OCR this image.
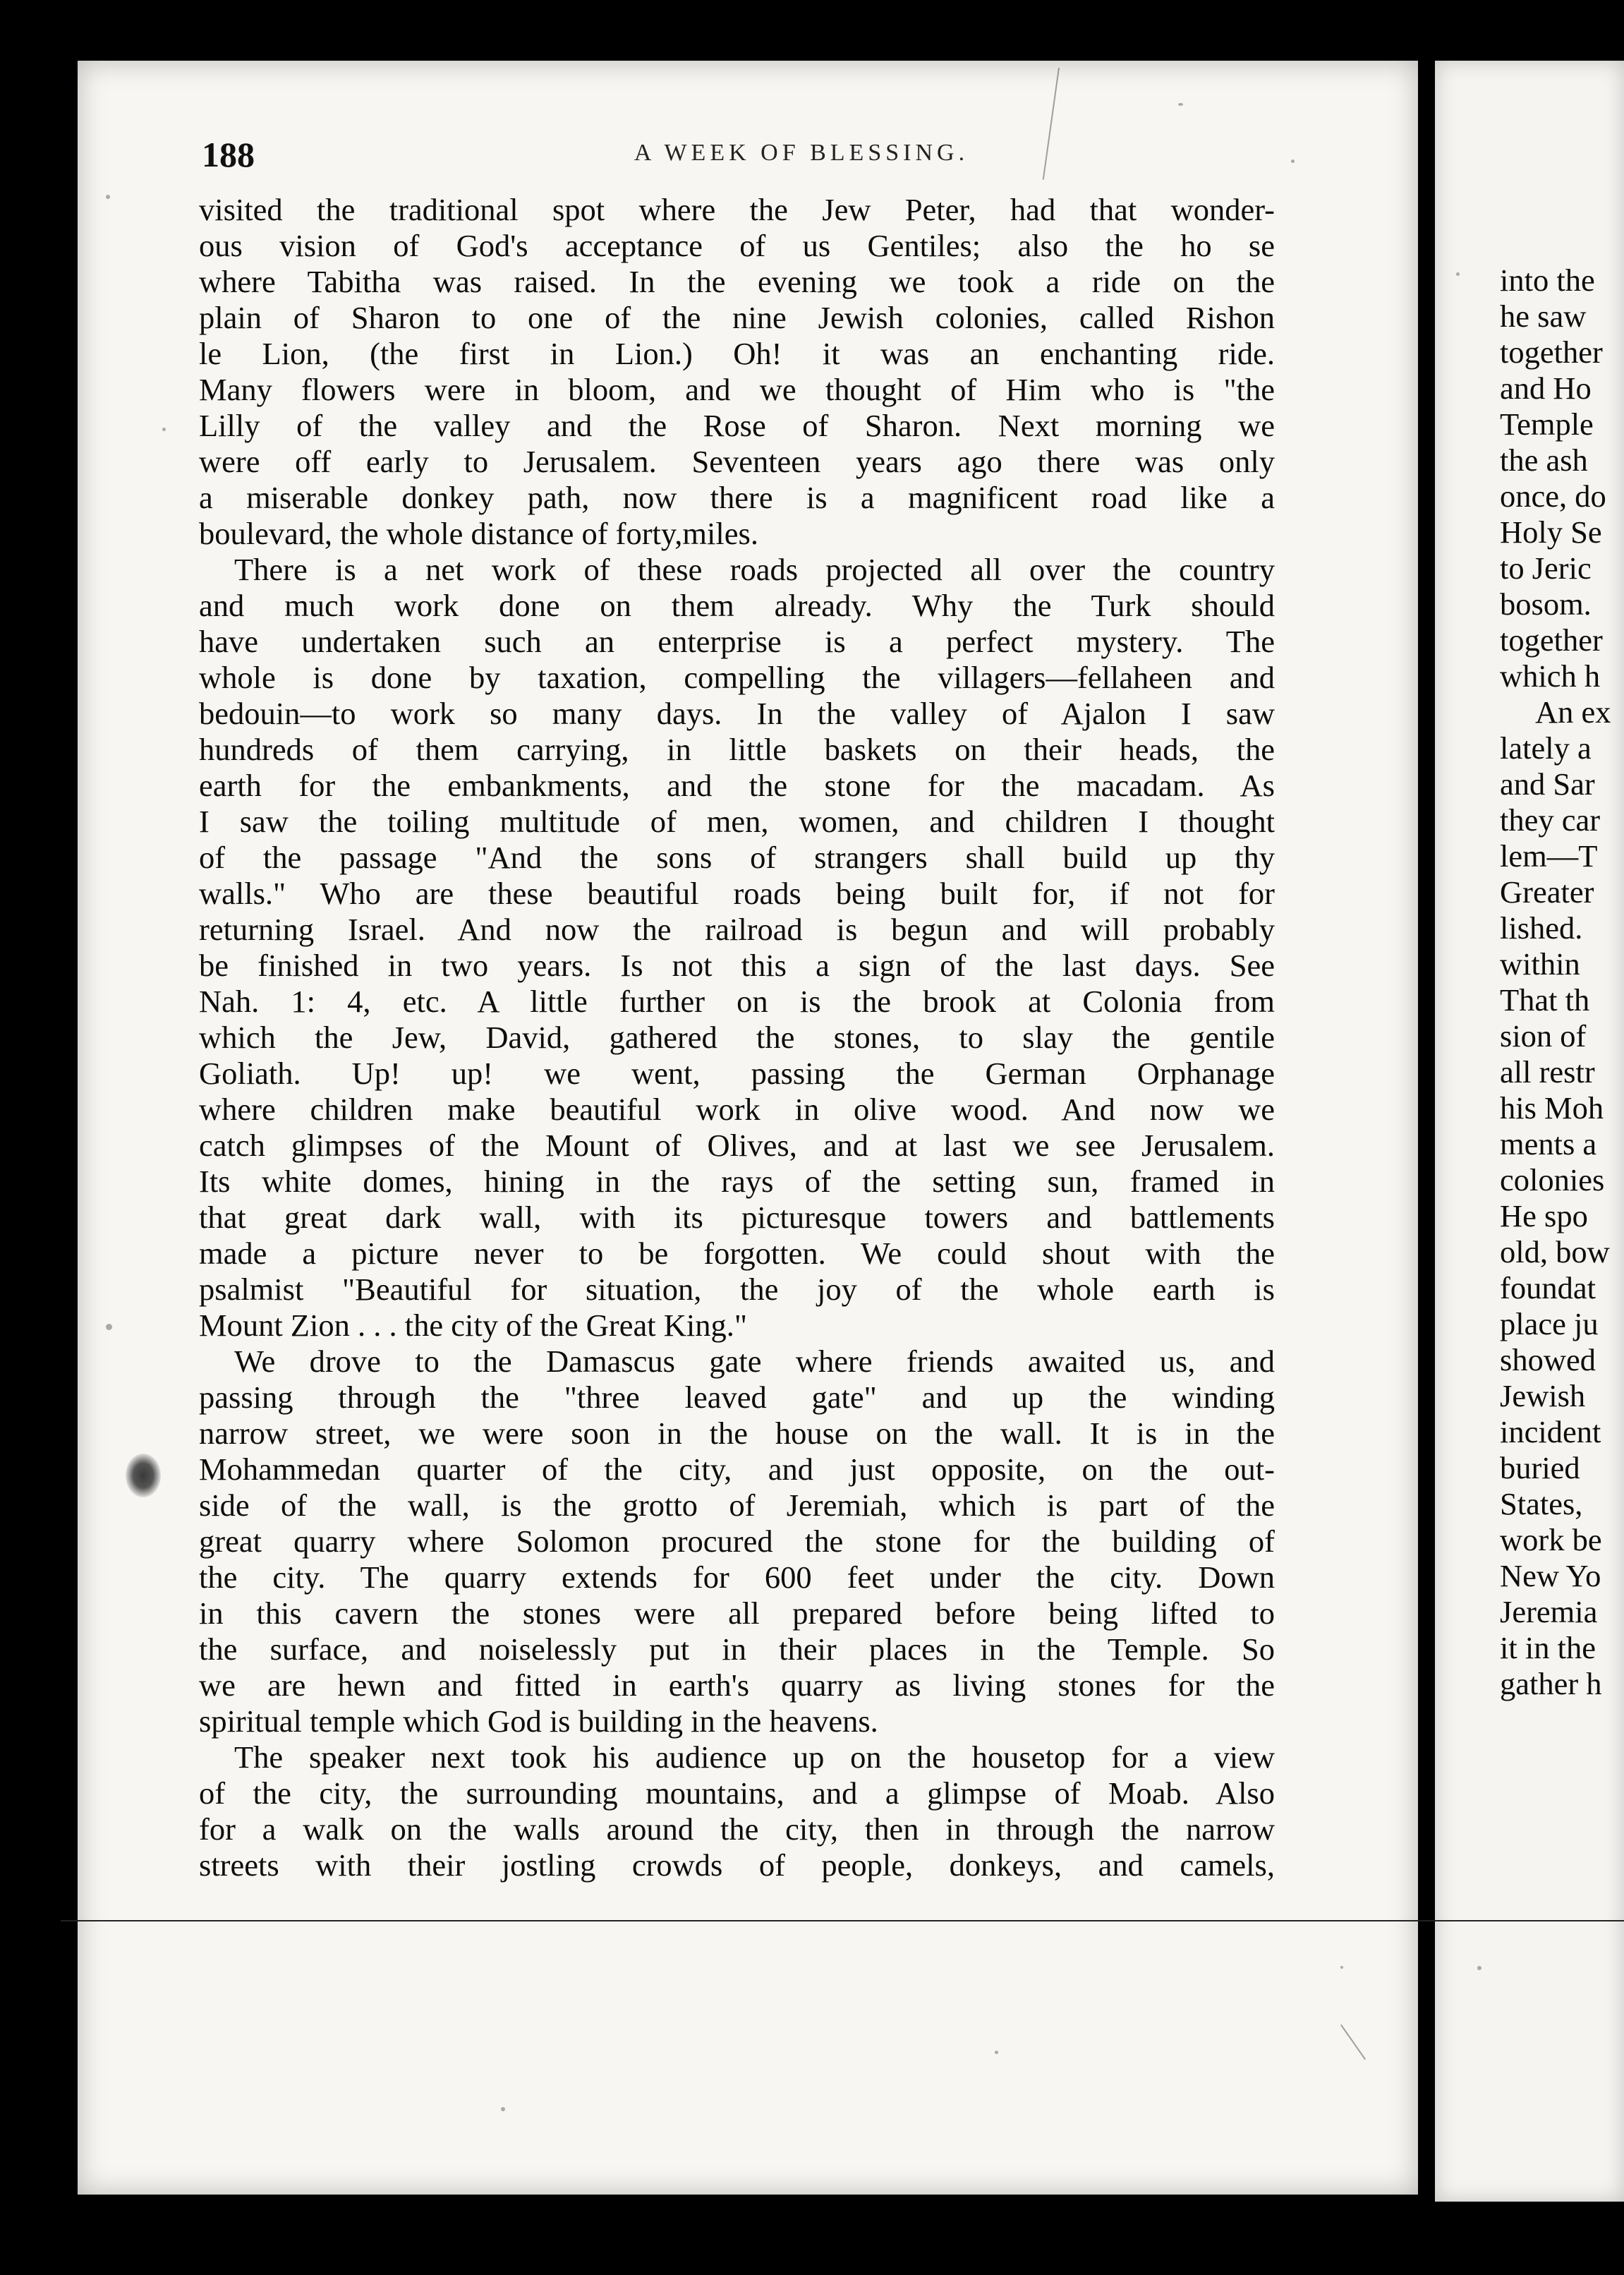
188	A WEEK OF BLESSING.
visited the traditional spot where the Jew Peter, had that wonder-
ous vision of God's acceptance of us Gentiles; also the ho se
where Tabitha was raised. In the evening we took a ride on the
plain of Sharon to one of the nine Jewish colonies, called Rishon
le Lion, (the first in Lion.) Oh! it was an enchanting ride.
Many flowers were in bloom, and we thought of Him who is "the
Lilly of the valley and the Rose of Sharon. Next morning we
were off early to Jerusalem. Seventeen years ago there was only
a miserable donkey path, now there is a magnificent road like a
boulevard, the whole distance of forty,miles.
There is a net work of these roads projected all over the country
and much work done on them already. Why the Turk should
have undertaken such an enterprise is a perfect mystery. The
whole is done by taxation, compelling the villagers—fellaheen and
bedouin—to work so many days. In the valley of Ajalon I saw
hundreds of them carrying, in little baskets on their heads, the
earth for the embankments, and the stone for the macadam. As
I saw the toiling multitude of men, women, and children I thought
of the passage "And the sons of strangers shall build up thy
walls." Who are these beautiful roads being built for, if not for
returning Israel. And now the railroad is begun and will probably
be finished in two years. Is not this a sign of the last days. See
Nah. 1: 4, etc. A little further on is the brook at Colonia from
which the Jew, David, gathered the stones, to slay the gentile
Goliath. Up! up! we went, passing the German Orphanage
where children make beautiful work in olive wood. And now we
catch glimpses of the Mount of Olives, and at last we see Jerusalem.
Its white domes, hining in the rays of the setting sun, framed in
that great dark wall, with its picturesque towers and battlements
made a picture never to be forgotten. We could shout with the
psalmist "Beautiful for situation, the joy of the whole earth is
Mount Zion . . . the city of the Great King."
We drove to the Damascus gate where friends awaited us, and
passing through the "three leaved gate" and up the winding
narrow street, we were soon in the house on the wall. It is in the
Mohammedan quarter of the city, and just opposite, on the out-
side of the wall, is the grotto of Jeremiah, which is part of the
great quarry where Solomon procured the stone for the building of
the city. The quarry extends for 600 feet under the city. Down
in this cavern the stones were all prepared before being lifted to
the surface, and noiselessly put in their places in the Temple. So
we are hewn and fitted in earth's quarry as living stones for the
spiritual temple which God is building in the heavens.
The speaker next took his audience up on the housetop for a view
of the city, the surrounding mountains, and a glimpse of Moab. Also
for a walk on the walls around the city, then in through the narrow
streets with their jostling crowds of people, donkeys, and camels,
into the
he saw
together
and Ho
Temple
the ash
once, do
Holy Se
to Jeric
bosom.
together
which h
An ex
lately a
and Sar
they car
lem—T
Greater
lished.
within
That th
sion of
all restr
his Moh
ments a
colonies
He spo
old, bow
foundat
place ju
showed
Jewish
incident
buried
States,
work be
New Yo
Jeremia
it in the
gather h
